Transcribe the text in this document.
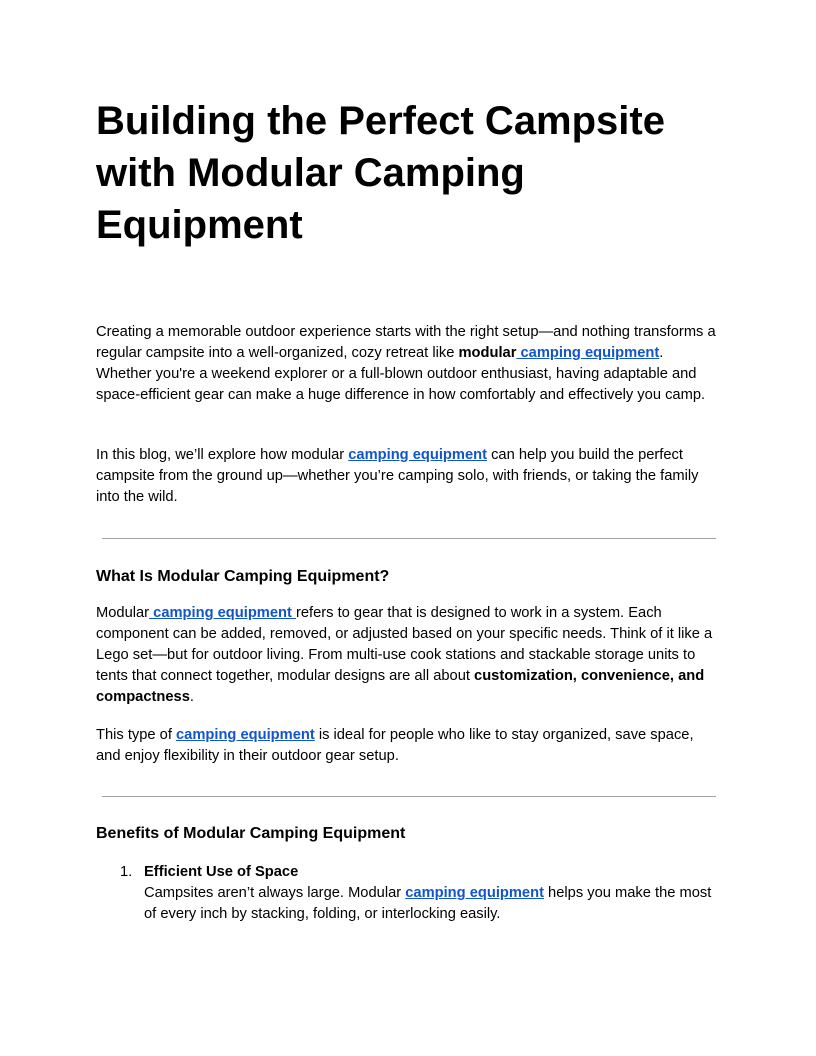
Building the Perfect Campsite with Modular Camping Equipment

Creating a memorable outdoor experience starts with the right setup—and nothing transforms a regular campsite into a well-organized, cozy retreat like modular camping equipment. Whether you're a weekend explorer or a full-blown outdoor enthusiast, having adaptable and space-efficient gear can make a huge difference in how comfortably and effectively you camp.

In this blog, we’ll explore how modular camping equipment can help you build the perfect campsite from the ground up—whether you’re camping solo, with friends, or taking the family into the wild.

What Is Modular Camping Equipment?

Modular camping equipment refers to gear that is designed to work in a system. Each component can be added, removed, or adjusted based on your specific needs. Think of it like a Lego set—but for outdoor living. From multi-use cook stations and stackable storage units to tents that connect together, modular designs are all about customization, convenience, and compactness.

This type of camping equipment is ideal for people who like to stay organized, save space, and enjoy flexibility in their outdoor gear setup.

Benefits of Modular Camping Equipment
1. Efficient Use of Space
Campsites aren’t always large. Modular camping equipment helps you make the most of every inch by stacking, folding, or interlocking easily.
